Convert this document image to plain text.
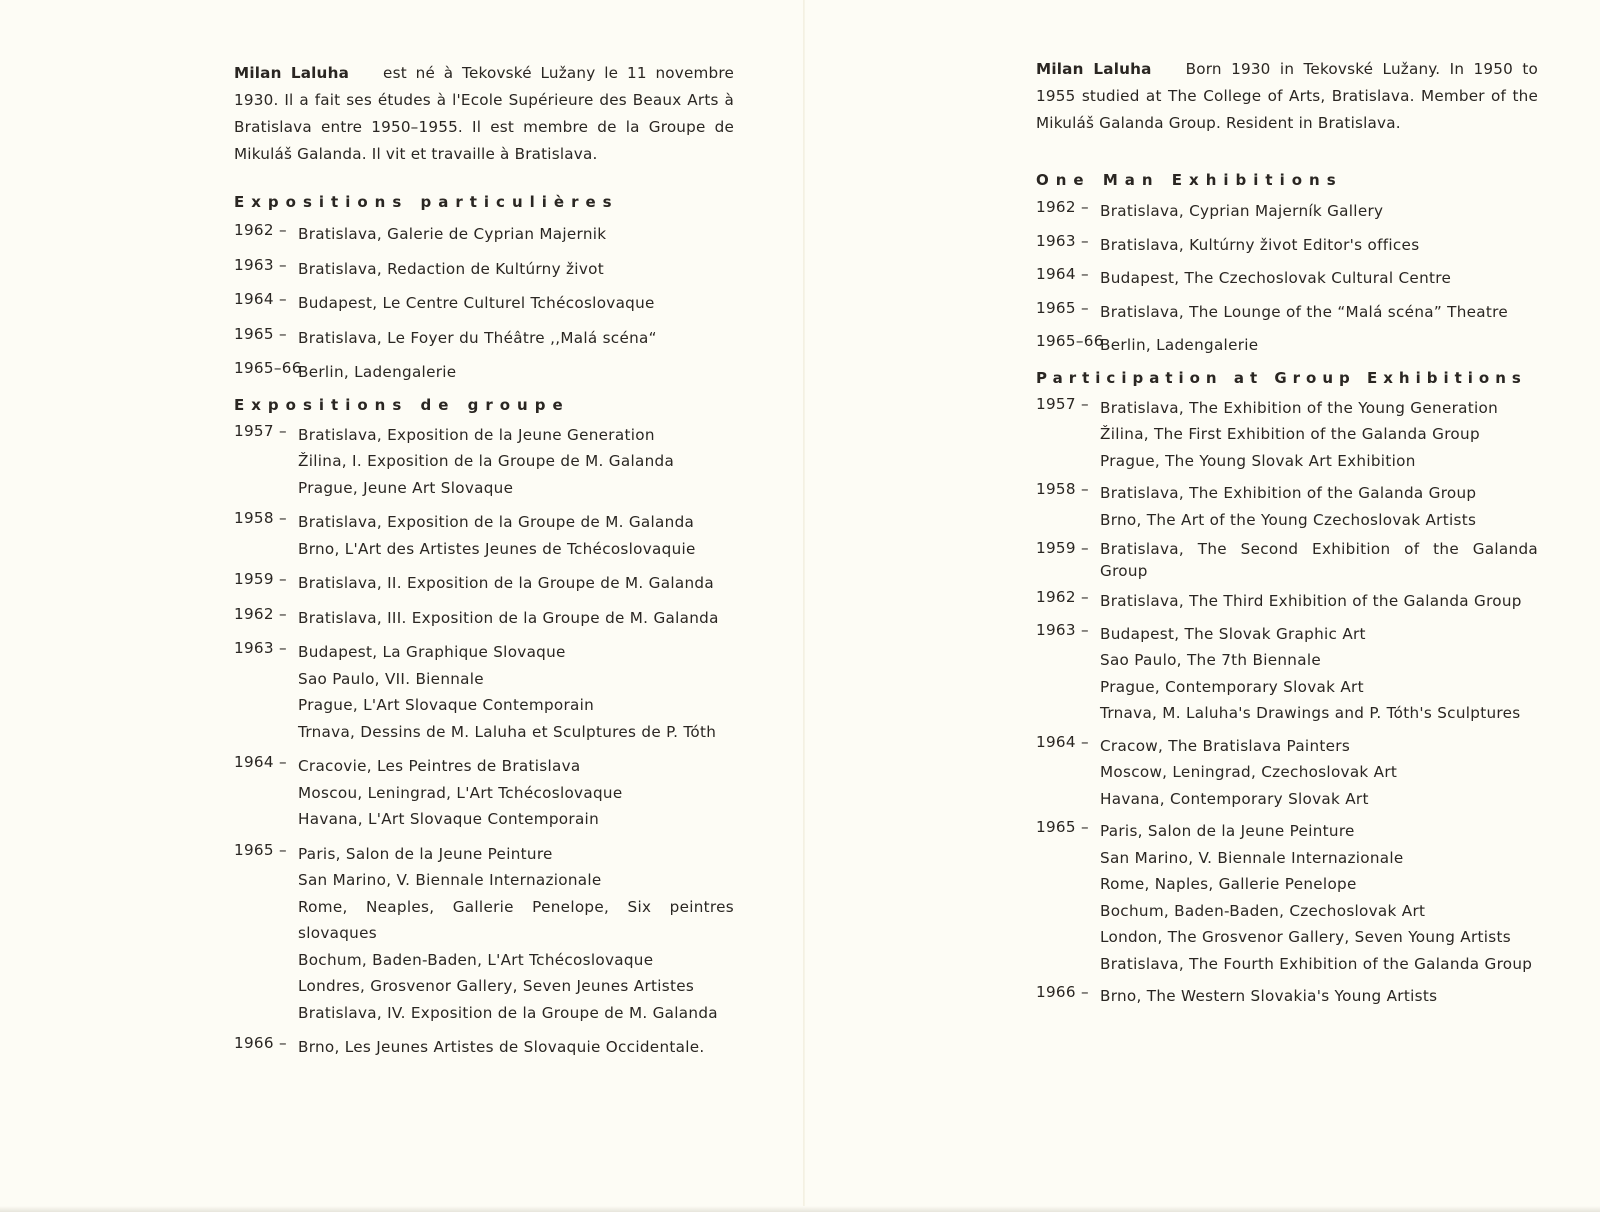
Milan Laluha est né à Tekovské Lužany le 11 novembre 1930. Il a fait ses études à l'Ecole Supérieure des Beaux Arts à Bratislava entre 1950–1955. Il est membre de la Groupe de Mikuláš Galanda. Il vit et travaille à Bratislava.

Expositions particulières
1962 – Bratislava, Galerie de Cyprian Majernik
1963 – Bratislava, Redaction de Kultúrny život
1964 – Budapest, Le Centre Culturel Tchécoslovaque
1965 – Bratislava, Le Foyer du Théâtre ,,Malá scéna“
1965–66
Berlin, Ladengalerie
Expositions de groupe
1957 – Bratislava, Exposition de la Jeune Generation
Žilina, I. Exposition de la Groupe de M. Galanda
Prague, Jeune Art Slovaque
1958 – Bratislava, Exposition de la Groupe de M. Galanda
Brno, L'Art des Artistes Jeunes de Tchécoslovaquie
1959 – Bratislava, II. Exposition de la Groupe de M. Galanda
1962 – Bratislava, III. Exposition de la Groupe de M. Galanda
1963 – Budapest, La Graphique Slovaque
Sao Paulo, VII. Biennale
Prague, L'Art Slovaque Contemporain
Trnava, Dessins de M. Laluha et Sculptures de P. Tóth
1964 – Cracovie, Les Peintres de Bratislava
Moscou, Leningrad, L'Art Tchécoslovaque
Havana, L'Art Slovaque Contemporain
1965 – Paris, Salon de la Jeune Peinture
San Marino, V. Biennale Internazionale
Rome, Neaples, Gallerie Penelope, Six peintres slovaques
Bochum, Baden-Baden, L'Art Tchécoslovaque
Londres, Grosvenor Gallery, Seven Jeunes Artistes
Bratislava, IV. Exposition de la Groupe de M. Galanda
1966 – Brno, Les Jeunes Artistes de Slovaquie Occidentale.

Milan Laluha Born 1930 in Tekovské Lužany. In 1950 to 1955 studied at The College of Arts, Bratislava. Member of the Mikuláš Galanda Group. Resident in Bratislava.

One Man Exhibitions
1962 – Bratislava, Cyprian Majerník Gallery
1963 – Bratislava, Kultúrny život Editor's offices
1964 – Budapest, The Czechoslovak Cultural Centre
1965 – Bratislava, The Lounge of the “Malá scéna” Theatre
1965–66
Berlin, Ladengalerie
Participation at Group Exhibitions
1957 – Bratislava, The Exhibition of the Young Generation
Žilina, The First Exhibition of the Galanda Group
Prague, The Young Slovak Art Exhibition
1958 – Bratislava, The Exhibition of the Galanda Group
Brno, The Art of the Young Czechoslovak Artists
1959 – Bratislava, The Second Exhibition of the Galanda Group
1962 – Bratislava, The Third Exhibition of the Galanda Group
1963 – Budapest, The Slovak Graphic Art
Sao Paulo, The 7th Biennale
Prague, Contemporary Slovak Art
Trnava, M. Laluha's Drawings and P. Tóth's Sculptures
1964 – Cracow, The Bratislava Painters
Moscow, Leningrad, Czechoslovak Art
Havana, Contemporary Slovak Art
1965 – Paris, Salon de la Jeune Peinture
San Marino, V. Biennale Internazionale
Rome, Naples, Gallerie Penelope
Bochum, Baden-Baden, Czechoslovak Art
London, The Grosvenor Gallery, Seven Young Artists
Bratislava, The Fourth Exhibition of the Galanda Group
1966 – Brno, The Western Slovakia's Young Artists
